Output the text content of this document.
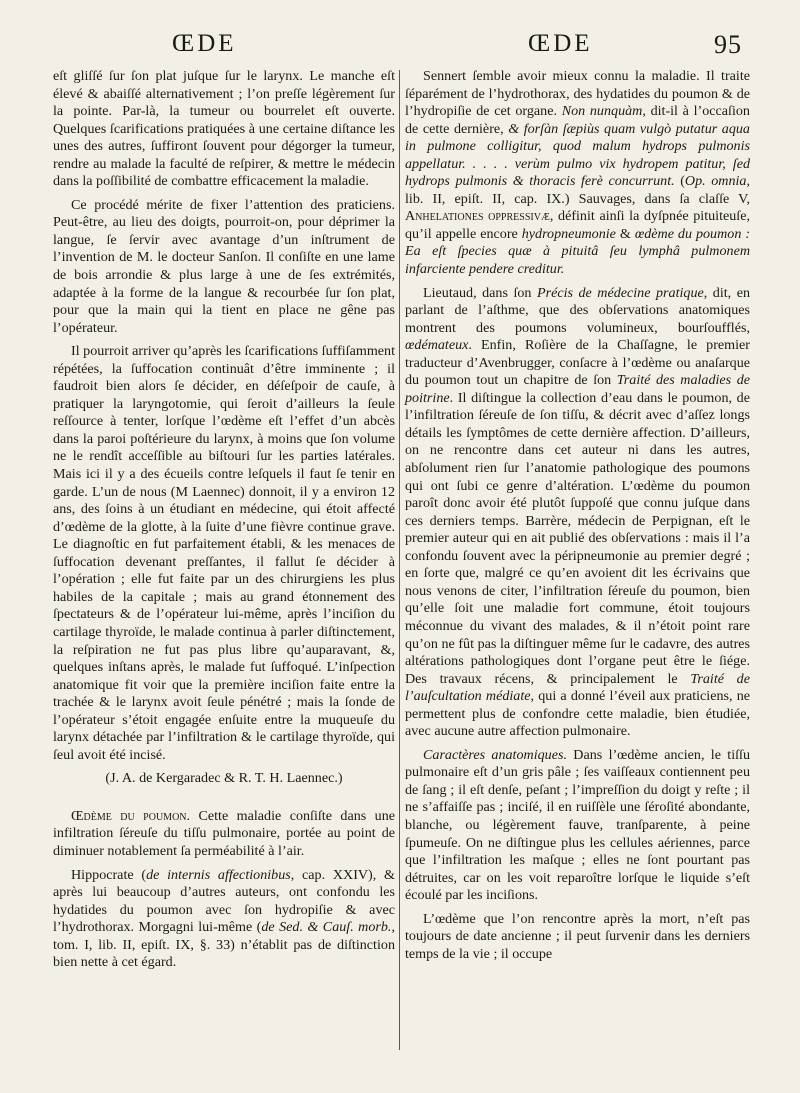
ŒDE	ŒDE	95

eſt gliſſé ſur ſon plat juſque ſur le larynx. Le manche eſt élevé & abaiſſé alternativement ; l’on preſſe légèrement ſur la pointe. Par-là, la tumeur ou bourrelet eſt ouverte. Quelques ſcarifications pratiquées à une certaine diſtance les unes des autres, ſuffiront ſouvent pour dégorger la tumeur, rendre au malade la faculté de reſpirer, & mettre le médecin dans la poſſibilité de combattre efficacement la maladie.

Ce procédé mérite de fixer l’attention des praticiens. Peut-être, au lieu des doigts, pourroit-on, pour déprimer la langue, ſe ſervir avec avantage d’un inſtrument de l’invention de M. le docteur Sanſon. Il conſiſte en une lame de bois arrondie & plus large à une de ſes extrémités, adaptée à la forme de la langue & recourbée ſur ſon plat, pour que la main qui la tient en place ne gêne pas l’opérateur.

Il pourroit arriver qu’après les ſcarifications ſuffiſamment répétées, la ſuffocation continuât d’être imminente ; il faudroit bien alors ſe décider, en déſeſpoir de cauſe, à pratiquer la laryngotomie, qui ſeroit d’ailleurs la ſeule reſſource à tenter, lorſque l’œdème eſt l’effet d’un abcès dans la paroi poſtérieure du larynx, à moins que ſon volume ne le rendît acceſſible au biſtouri ſur les parties latérales. Mais ici il y a des écueils contre leſquels il faut ſe tenir en garde. L’un de nous (M Laennec) donnoit, il y a environ 12 ans, des ſoins à un étudiant en médecine, qui étoit affecté d’œdème de la glotte, à la ſuite d’une fièvre continue grave. Le diagnoſtic en fut parfaitement établi, & les menaces de ſuffocation devenant preſſantes, il fallut ſe décider à l’opération ; elle fut faite par un des chirurgiens les plus habiles de la capitale ; mais au grand étonnement des ſpectateurs & de l’opérateur lui-même, après l’inciſion du cartilage thyroïde, le malade continua à parler diſtinctement, la reſpiration ne fut pas plus libre qu’auparavant, &, quelques inſtans après, le malade fut ſuffoqué. L’inſpection anatomique fit voir que la première inciſion faite entre la trachée & le larynx avoit ſeule pénétré ; mais la ſonde de l’opérateur s’étoit engagée enſuite entre la muqueuſe du larynx détachée par l’infiltration & le cartilage thyroïde, qui ſeul avoit été incisé.

(J. A. de Kergaradec & R. T. H. Laennec.)

Œdème du poumon. Cette maladie conſiſte dans une infiltration ſéreuſe du tiſſu pulmonaire, portée au point de diminuer notablement ſa perméabilité à l’air.

Hippocrate (de internis affectionibus, cap. XXIV), & après lui beaucoup d’autres auteurs, ont confondu les hydatides du poumon avec ſon hydropiſie & avec l’hydrothorax. Morgagni lui-même (de Sed. & Cauſ. morb., tom. I, lib. II, epiſt. IX, §. 33) n’établit pas de diſtinction bien nette à cet égard.

Sennert ſemble avoir mieux connu la maladie. Il traite ſéparément de l’hydrothorax, des hydatides du poumon & de l’hydropiſie de cet organe. Non nunquàm, dit-il à l’occaſion de cette dernière, & forſàn ſæpiùs quam vulgò putatur aqua in pulmone colligitur, quod malum hydrops pulmonis appellatur. . . . . verùm pulmo vix hydropem patitur, ſed hydrops pulmonis & thoracis ferè concurrunt. (Op. omnia, lib. II, epiſt. II, cap. IX.) Sauvages, dans ſa claſſe V, Anhelationes oppressivæ, définit ainſi la dyſpnée pituiteuſe, qu’il appelle encore hydropneumonie & œdème du poumon : Ea eſt ſpecies quæ à pituitâ ſeu lymphâ pulmonem infarciente pendere creditur.

Lieutaud, dans ſon Précis de médecine pratique, dit, en parlant de l’aſthme, que des obſervations anatomiques montrent des poumons volumineux, bourſoufflés, œdémateux. Enfin, Roſière de la Chaſſagne, le premier traducteur d’Avenbrugger, conſacre à l’œdème ou anaſarque du poumon tout un chapitre de ſon Traité des maladies de poitrine. Il diſtingue la collection d’eau dans le poumon, de l’infiltration ſéreuſe de ſon tiſſu, & décrit avec d’aſſez longs détails les ſymptômes de cette dernière affection. D’ailleurs, on ne rencontre dans cet auteur ni dans les autres, abſolument rien ſur l’anatomie pathologique des poumons qui ont ſubi ce genre d’altération. L’œdème du poumon paroît donc avoir été plutôt ſuppoſé que connu juſque dans ces derniers temps. Barrère, médecin de Perpignan, eſt le premier auteur qui en ait publié des obſervations : mais il l’a confondu ſouvent avec la péripneumonie au premier degré ; en ſorte que, malgré ce qu’en avoient dit les écrivains que nous venons de citer, l’infiltration ſéreuſe du poumon, bien qu’elle ſoit une maladie fort commune, étoit toujours méconnue du vivant des malades, & il n’étoit point rare qu’on ne fût pas la diſtinguer même ſur le cadavre, des autres altérations pathologiques dont l’organe peut être le ſiége. Des travaux récens, & principalement le Traité de l’auſcultation médiate, qui a donné l’éveil aux praticiens, ne permettent plus de confondre cette maladie, bien étudiée, avec aucune autre affection pulmonaire.

Caractères anatomiques. Dans l’œdème ancien, le tiſſu pulmonaire eſt d’un gris pâle ; ſes vaiſſeaux contiennent peu de ſang ; il eſt denſe, peſant ; l’impreſſion du doigt y reſte ; il ne s’affaiſſe pas ; inciſé, il en ruiſſèle une ſéroſité abondante, blanche, ou légèrement fauve, tranſparente, à peine ſpumeuſe. On ne diſtingue plus les cellules aériennes, parce que l’infiltration les maſque ; elles ne ſont pourtant pas détruites, car on les voit reparoître lorſque le liquide s’eſt écoulé par les inciſions.

L’œdème que l’on rencontre après la mort, n’eſt pas toujours de date ancienne ; il peut ſurvenir dans les derniers temps de la vie ; il occupe
